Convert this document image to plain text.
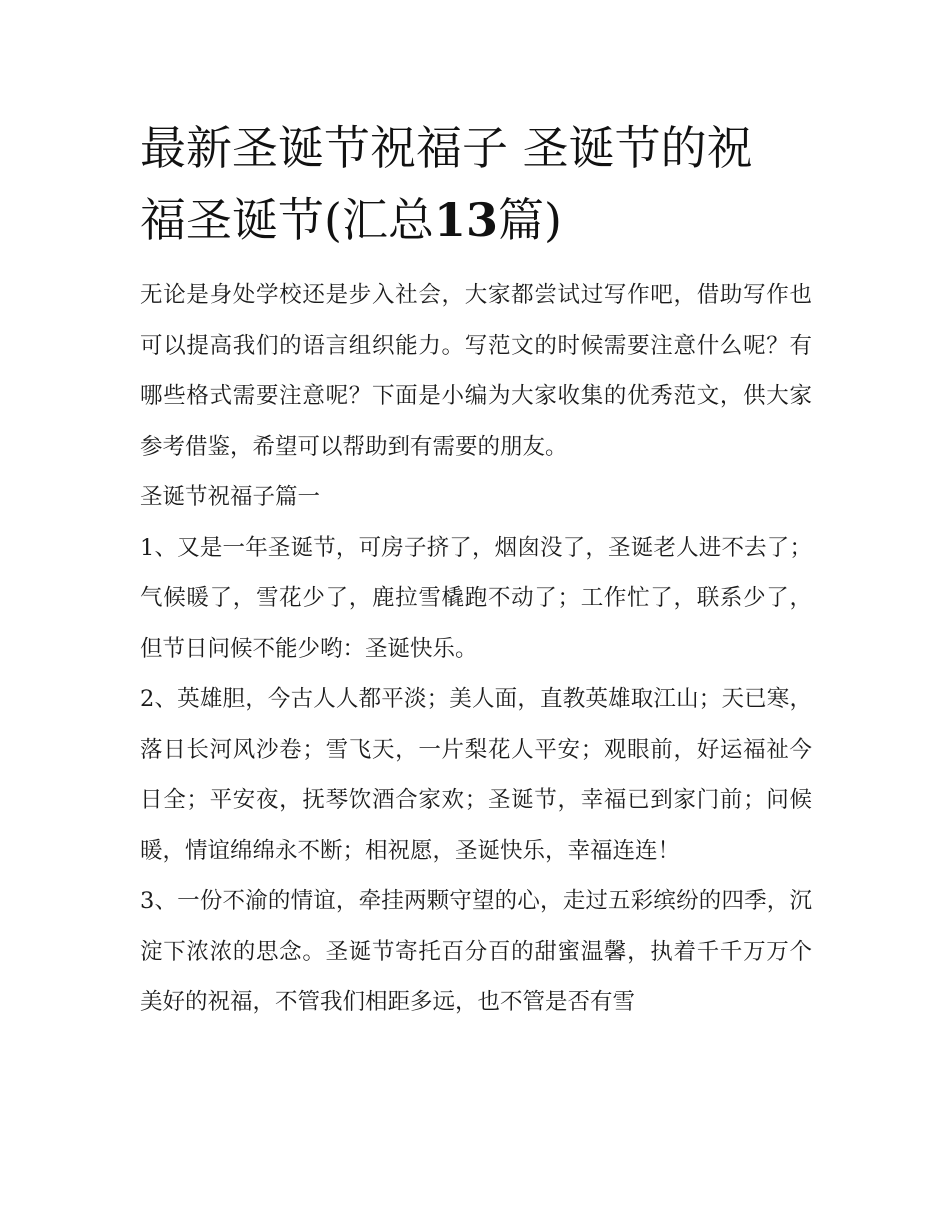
最新圣诞节祝福子 圣诞节的祝
福圣诞节(汇总13篇)

无论是身处学校还是步入社会，大家都尝试过写作吧，借助写作也可以提高我们的语言组织能力。写范文的时候需要注意什么呢？有哪些格式需要注意呢？下面是小编为大家收集的优秀范文，供大家参考借鉴，希望可以帮助到有需要的朋友。

圣诞节祝福子篇一

1、又是一年圣诞节，可房子挤了，烟囱没了，圣诞老人进不去了；气候暖了，雪花少了，鹿拉雪橇跑不动了；工作忙了，联系少了，但节日问候不能少哟：圣诞快乐。

2、英雄胆，今古人人都平淡；美人面，直教英雄取江山；天已寒，落日长河风沙卷；雪飞天，一片梨花人平安；观眼前，好运福祉今日全；平安夜，抚琴饮酒合家欢；圣诞节，幸福已到家门前；问候暖，情谊绵绵永不断；相祝愿，圣诞快乐，幸福连连！

3、一份不渝的情谊，牵挂两颗守望的心，走过五彩缤纷的四季，沉淀下浓浓的思念。圣诞节寄托百分百的甜蜜温馨，执着千千万万个美好的祝福，不管我们相距多远，也不管是否有雪
